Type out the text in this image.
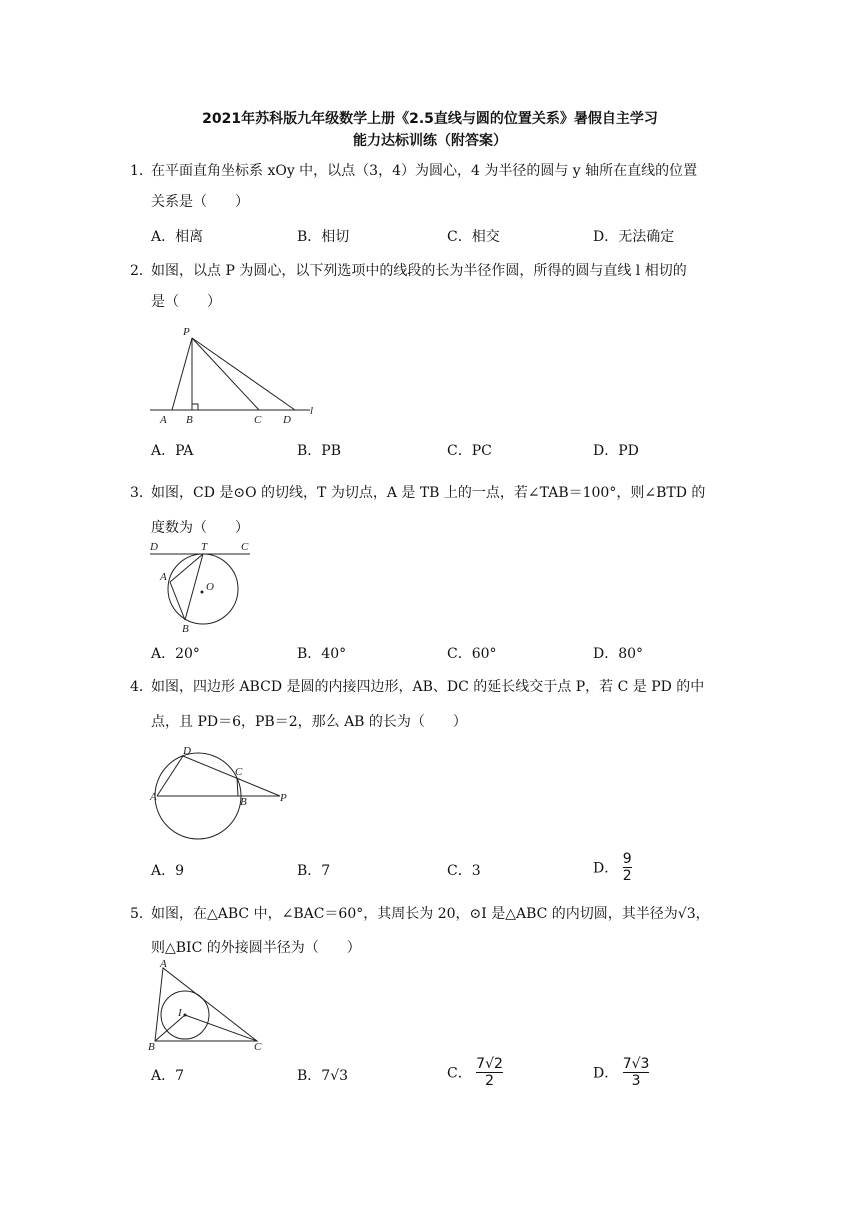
2021年苏科版九年级数学上册《2.5直线与圆的位置关系》暑假自主学习
能力达标训练（附答案）
1．
在平面直角坐标系 xOy 中，以点（3，4）为圆心，4 为半径的圆与 y 轴所在直线的位置
关系是（　　）
A．相离	B．相切	C．相交	D．无法确定
2．
如图，以点 P 为圆心，以下列选项中的线段的长为半径作圆，所得的圆与直线 l 相切的
是（　　）
P
A B	C D
l
A．PA	B．PB	C．PC	D．PD
3．
如图，CD 是⊙O 的切线，T 为切点，A 是 TB 上的一点，若∠TAB＝100°，则∠BTD 的
度数为（　　）
D	T	C
A
O
B
A．20°	B．40°	C．60°	D．80°
4．
如图，四边形 ABCD 是圆的内接四边形，AB、DC 的延长线交于点 P，若 C 是 PD 的中
点，且 PD＝6，PB＝2，那么 AB 的长为（　　）
D
C
A	B	P
A．9	B．7	C．3	D． $\frac{9}{2}$
5．
如图，在△ABC 中，∠BAC＝60°，其周长为 20，⊙I 是△ABC 的内切圆，其半径为√3，
则△BIC 的外接圆半径为（　　）
A
I
B	C
A．7	B．7√3	C． $\frac{7√2}{2}$	D． $\frac{7√3}{3}$
